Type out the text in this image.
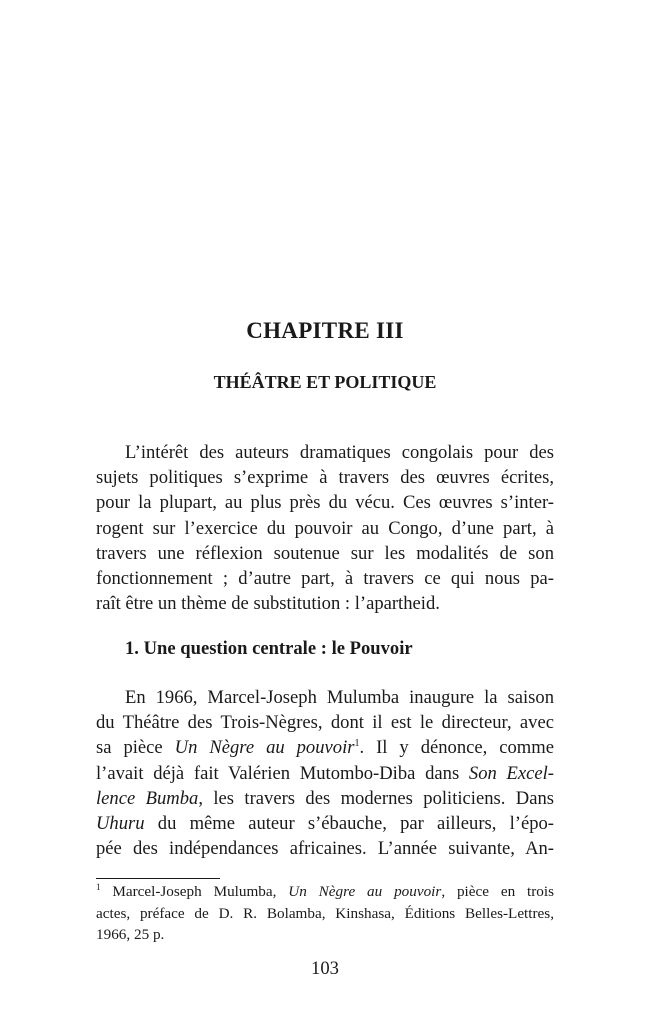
CHAPITRE III
THÉÂTRE ET POLITIQUE
L’intérêt des auteurs dramatiques congolais pour des
sujets politiques s’exprime à travers des œuvres écrites,
pour la plupart, au plus près du vécu. Ces œuvres s’inter-
rogent sur l’exercice du pouvoir au Congo, d’une part, à
travers une réflexion soutenue sur les modalités de son
fonctionnement ; d’autre part, à travers ce qui nous pa-
raît être un thème de substitution : l’apartheid.
1. Une question centrale : le Pouvoir
En 1966, Marcel-Joseph Mulumba inaugure la saison
du Théâtre des Trois-Nègres, dont il est le directeur, avec
sa pièce Un Nègre au pouvoir$^1$. Il y dénonce, comme
l’avait déjà fait Valérien Mutombo-Diba dans Son Excel-
lence Bumba, les travers des modernes politiciens. Dans
Uhuru du même auteur s’ébauche, par ailleurs, l’épo-
pée des indépendances africaines. L’année suivante, An-
$^1$ Marcel-Joseph Mulumba, Un Nègre au pouvoir, pièce en trois
actes, préface de D. R. Bolamba, Kinshasa, Éditions Belles-Lettres,
1966, 25 p.
103
